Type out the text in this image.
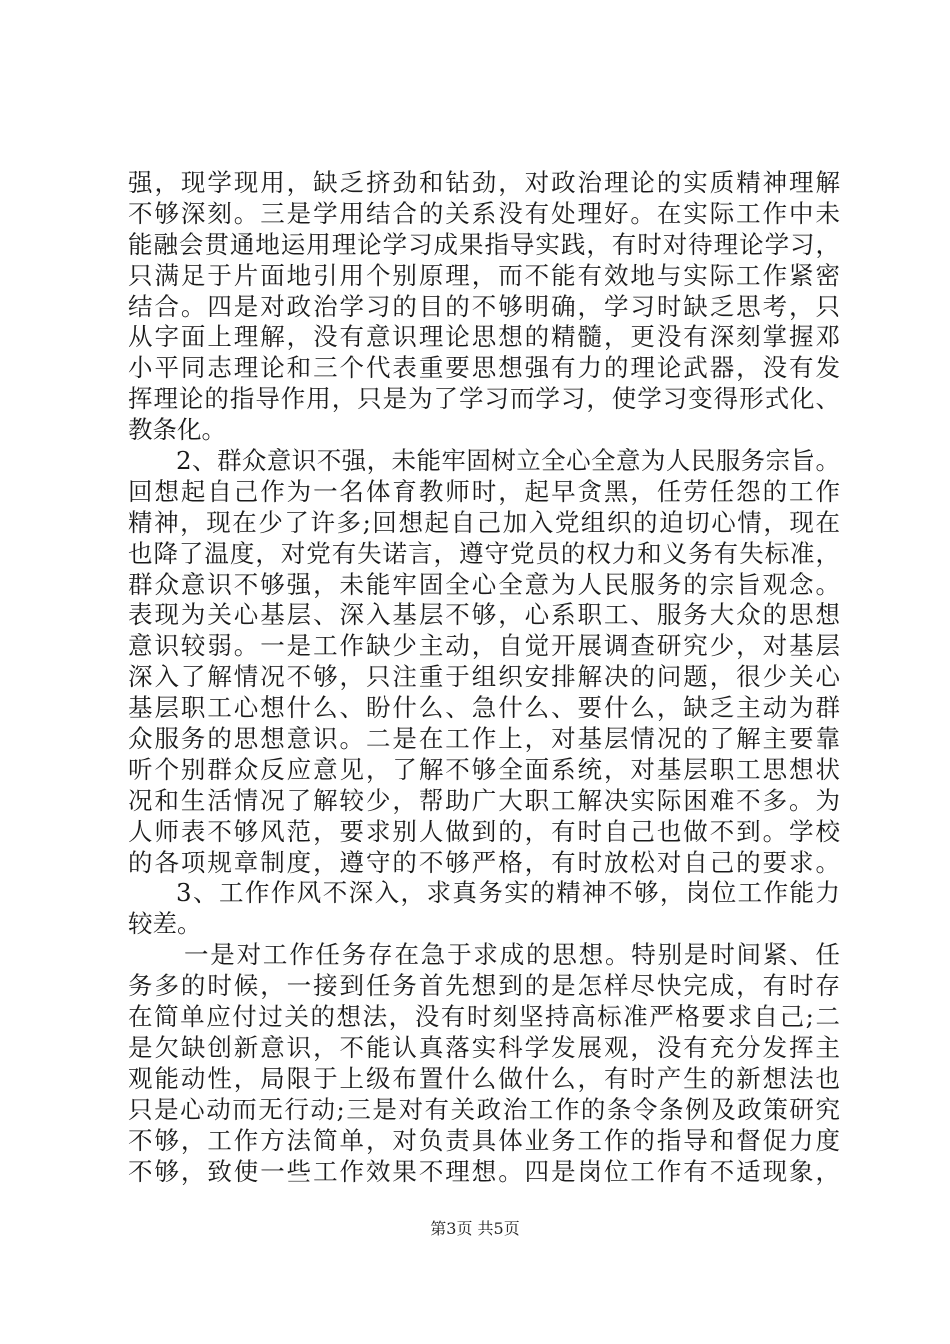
强，现学现用，缺乏挤劲和钻劲，对政治理论的实质精神理解
不够深刻。三是学用结合的关系没有处理好。在实际工作中未
能融会贯通地运用理论学习成果指导实践，有时对待理论学习，
只满足于片面地引用个别原理，而不能有效地与实际工作紧密
结合。四是对政治学习的目的不够明确，学习时缺乏思考，只
从字面上理解，没有意识理论思想的精髓，更没有深刻掌握邓
小平同志理论和三个代表重要思想强有力的理论武器，没有发
挥理论的指导作用，只是为了学习而学习，使学习变得形式化、
教条化。
2、群众意识不强，未能牢固树立全心全意为人民服务宗旨。
回想起自己作为一名体育教师时，起早贪黑，任劳任怨的工作
精神，现在少了许多;回想起自己加入党组织的迫切心情，现在
也降了温度，对党有失诺言，遵守党员的权力和义务有失标准，
群众意识不够强，未能牢固全心全意为人民服务的宗旨观念。
表现为关心基层、深入基层不够，心系职工、服务大众的思想
意识较弱。一是工作缺少主动，自觉开展调查研究少，对基层
深入了解情况不够，只注重于组织安排解决的问题，很少关心
基层职工心想什么、盼什么、急什么、要什么，缺乏主动为群
众服务的思想意识。二是在工作上，对基层情况的了解主要靠
听个别群众反应意见，了解不够全面系统，对基层职工思想状
况和生活情况了解较少，帮助广大职工解决实际困难不多。为
人师表不够风范，要求别人做到的，有时自己也做不到。学校
的各项规章制度，遵守的不够严格，有时放松对自己的要求。
3、工作作风不深入，求真务实的精神不够，岗位工作能力
较差。
一是对工作任务存在急于求成的思想。特别是时间紧、任
务多的时候，一接到任务首先想到的是怎样尽快完成，有时存
在简单应付过关的想法，没有时刻坚持高标准严格要求自己;二
是欠缺创新意识，不能认真落实科学发展观，没有充分发挥主
观能动性，局限于上级布置什么做什么，有时产生的新想法也
只是心动而无行动;三是对有关政治工作的条令条例及政策研究
不够，工作方法简单，对负责具体业务工作的指导和督促力度
不够，致使一些工作效果不理想。四是岗位工作有不适现象，
第3页 共5页
